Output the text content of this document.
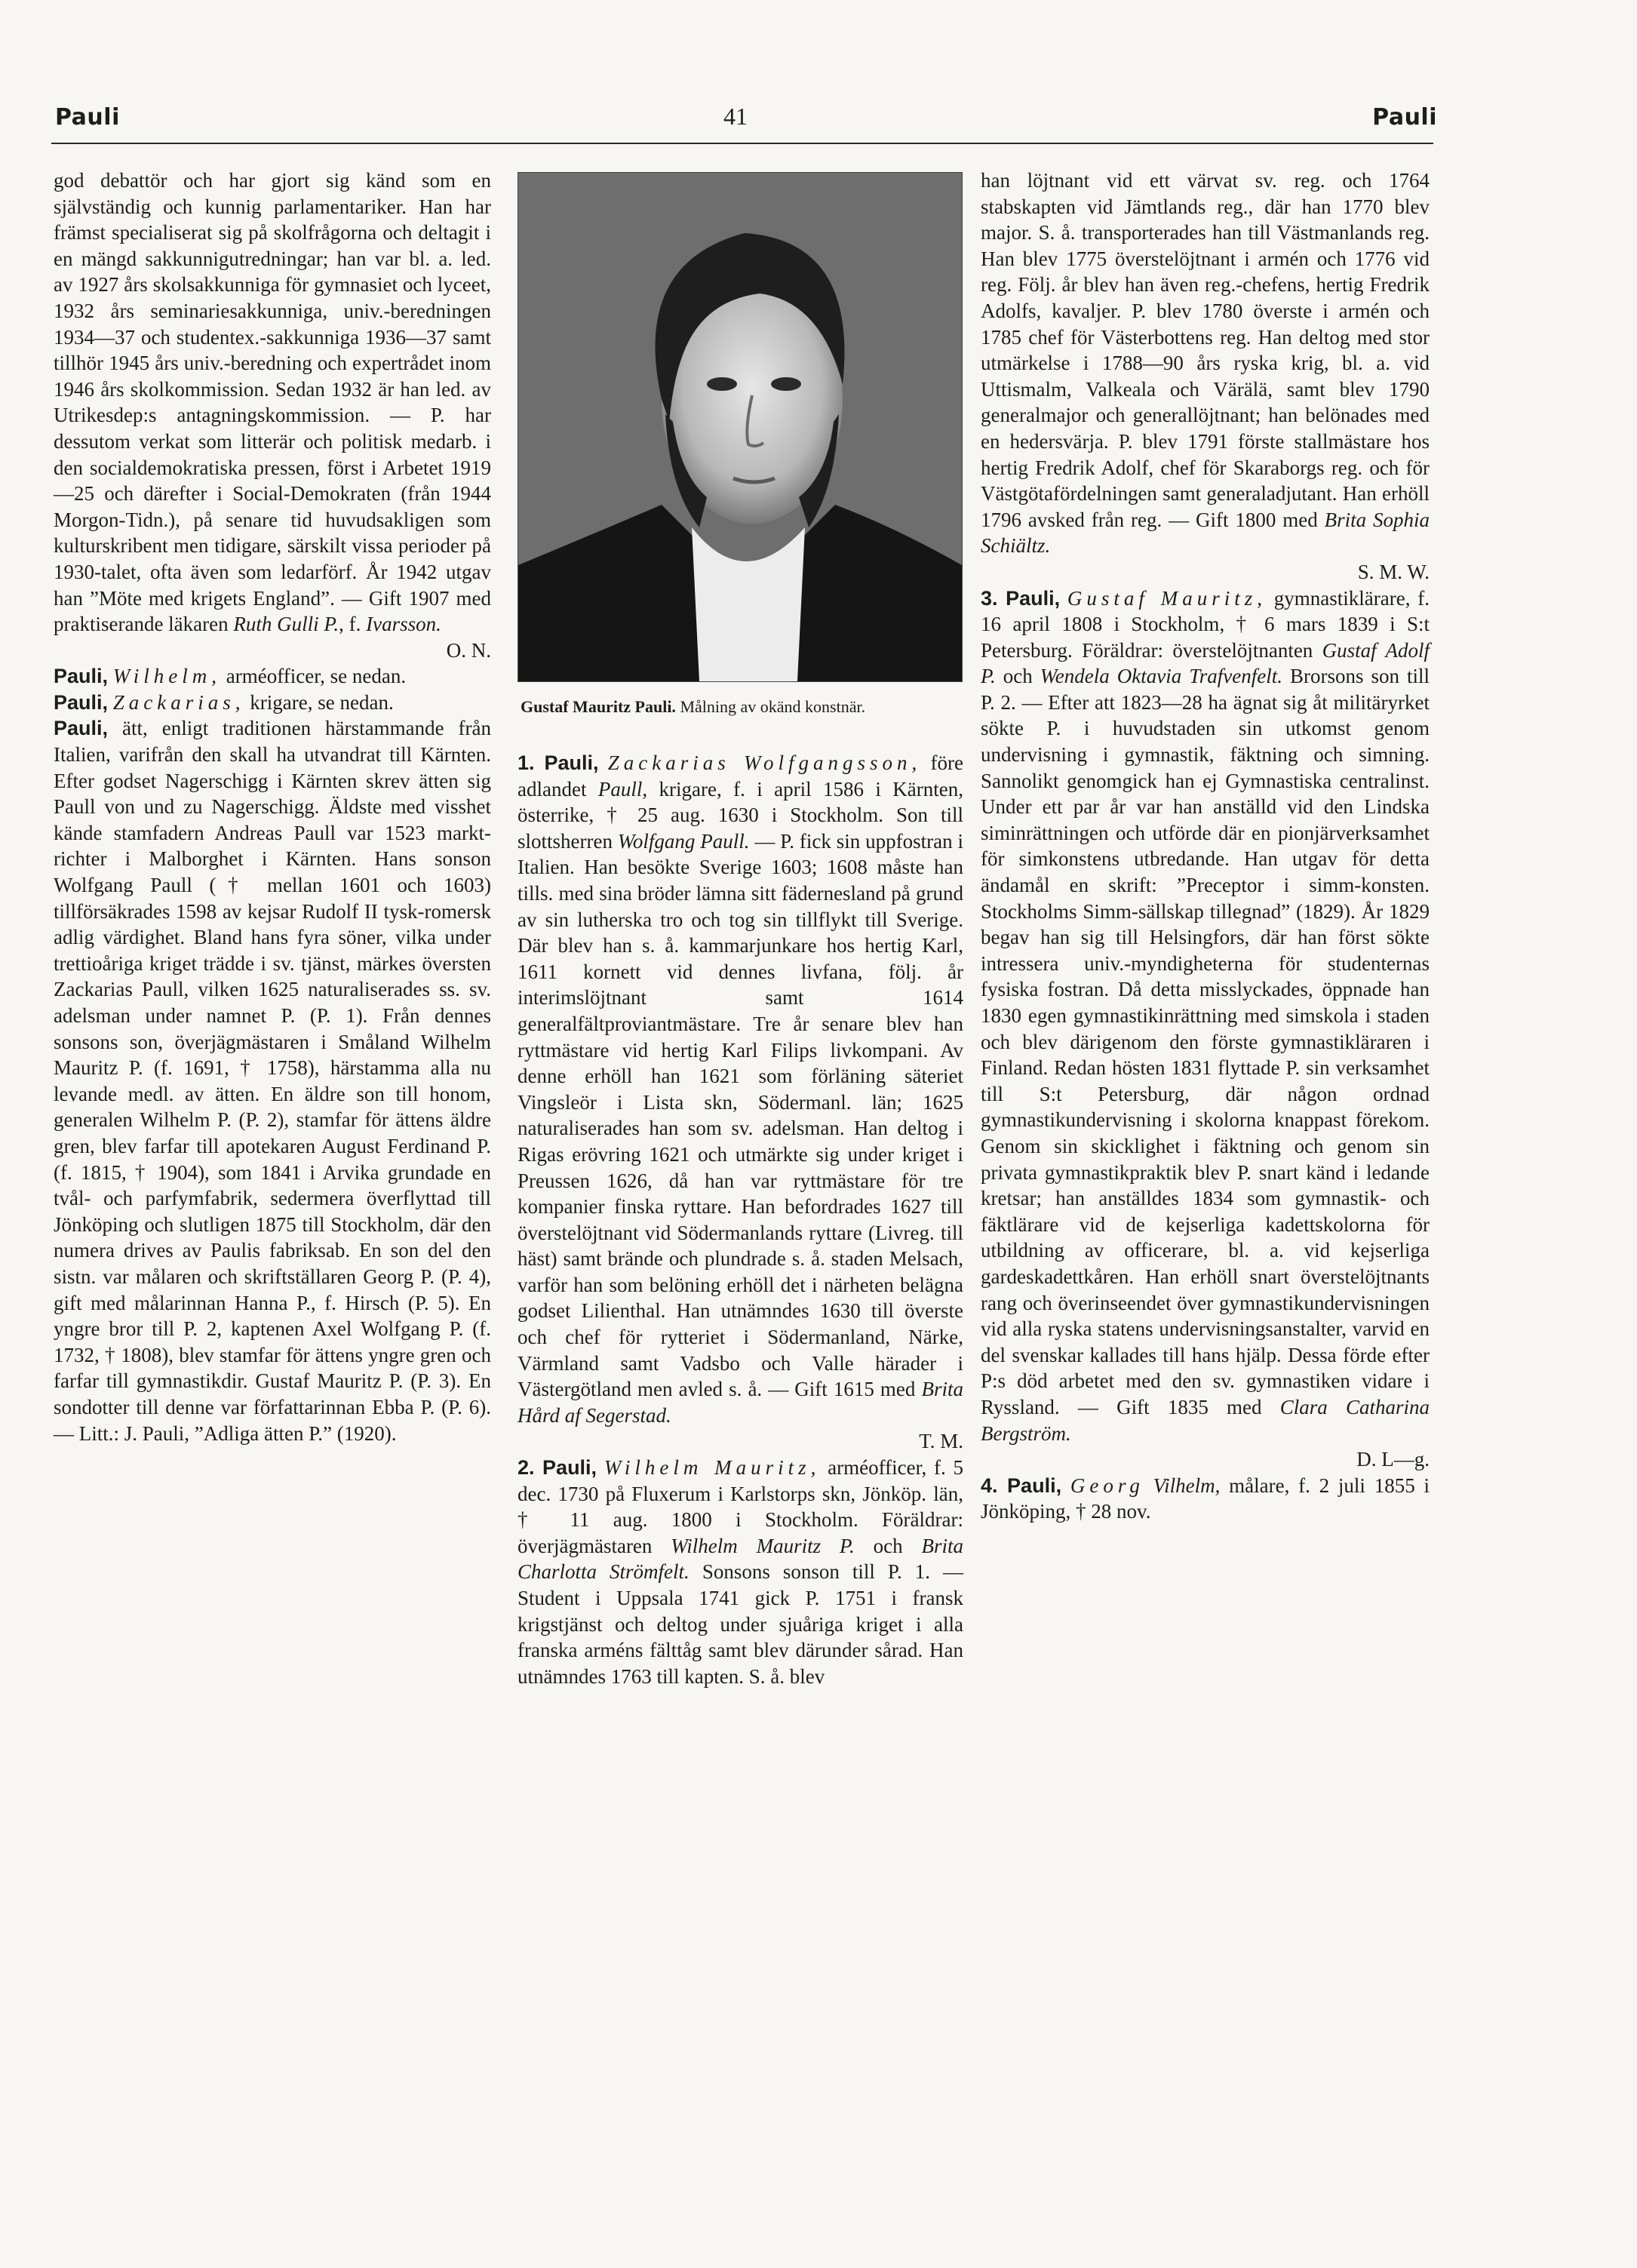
Pauli	41	Pauli

god debattör och har gjort sig känd som en självständig och kunnig parlamentariker. Han har främst specialiserat sig på skolfrågorna och deltagit i en mängd sakkunnigutredningar; han var bl. a. led. av 1927 års skolsakkunniga för gymnasiet och lyceet, 1932 års seminariesakkunniga, univ.-beredningen 1934—37 och studentex.-sakkunniga 1936—37 samt tillhör 1945 års univ.-beredning och expertrådet inom 1946 års skolkommission. Sedan 1932 är han led. av Utrikesdep:s antagningskommission. — P. har dessutom verkat som litterär och politisk medarb. i den socialdemokratiska pressen, först i Arbetet 1919—25 och därefter i Social-Demokraten (från 1944 Morgon-Tidn.), på senare tid huvudsakligen som kulturskribent men tidigare, särskilt vissa perioder på 1930-talet, ofta även som ledarförf. År 1942 utgav han ”Möte med krigets England”. — Gift 1907 med praktiserande läkaren Ruth Gulli P., f. Ivarsson.

O. N.

Pauli, Wilhelm, arméofficer, se nedan.

Pauli, Zackarias, krigare, se nedan.

Pauli, ätt, enligt traditionen härstammande från Italien, varifrån den skall ha utvandrat till Kärnten. Efter godset Nagerschigg i Kärnten skrev ätten sig Paull von und zu Nagerschigg. Äldste med visshet kände stamfadern Andreas Paull var 1523 markt-richter i Malborghet i Kärnten. Hans sonson Wolfgang Paull († mellan 1601 och 1603) tillförsäkrades 1598 av kejsar Rudolf II tysk-romersk adlig värdighet. Bland hans fyra söner, vilka under trettioåriga kriget trädde i sv. tjänst, märkes översten Zackarias Paull, vilken 1625 naturaliserades ss. sv. adelsman under namnet P. (P. 1). Från dennes sonsons son, överjägmästaren i Småland Wilhelm Mauritz P. (f. 1691, † 1758), härstamma alla nu levande medl. av ätten. En äldre son till honom, generalen Wilhelm P. (P. 2), stamfar för ättens äldre gren, blev farfar till apotekaren August Ferdinand P. (f. 1815, † 1904), som 1841 i Arvika grundade en tvål- och parfymfabrik, sedermera överflyttad till Jönköping och slutligen 1875 till Stockholm, där den numera drives av Paulis fabriksab. En son del den sistn. var målaren och skriftställaren Georg P. (P. 4), gift med målarinnan Hanna P., f. Hirsch (P. 5). En yngre bror till P. 2, kaptenen Axel Wolfgang P. (f. 1732, † 1808), blev stamfar för ättens yngre gren och farfar till gymnastikdir. Gustaf Mauritz P. (P. 3). En sondotter till denne var författarinnan Ebba P. (P. 6). — Litt.: J. Pauli, ”Adliga ätten P.” (1920).

Gustaf Mauritz Pauli. Målning av okänd konstnär.

1. Pauli, Zackarias Wolfgangsson, före adlandet Paull, krigare, f. i april 1586 i Kärnten, österrike, † 25 aug. 1630 i Stockholm. Son till slottsherren Wolfgang Paull. — P. fick sin uppfostran i Italien. Han besökte Sverige 1603; 1608 måste han tills. med sina bröder lämna sitt fädernesland på grund av sin lutherska tro och tog sin tillflykt till Sverige. Där blev han s. å. kammarjunkare hos hertig Karl, 1611 kornett vid dennes livfana, följ. år interimslöjtnant samt 1614 generalfältproviantmästare. Tre år senare blev han ryttmästare vid hertig Karl Filips livkompani. Av denne erhöll han 1621 som förläning säteriet Vingsleör i Lista skn, Södermanl. län; 1625 naturaliserades han som sv. adelsman. Han deltog i Rigas erövring 1621 och utmärkte sig under kriget i Preussen 1626, då han var ryttmästare för tre kompanier finska ryttare. Han befordrades 1627 till överstelöjtnant vid Södermanlands ryttare (Livreg. till häst) samt brände och plundrade s. å. staden Melsach, varför han som belöning erhöll det i närheten belägna godset Lilienthal. Han utnämndes 1630 till överste och chef för rytteriet i Södermanland, Närke, Värmland samt Vadsbo och Valle härader i Västergötland men avled s. å. — Gift 1615 med Brita Hård af Segerstad.

T. M.

2. Pauli, Wilhelm Mauritz, arméofficer, f. 5 dec. 1730 på Fluxerum i Karlstorps skn, Jönköp. län, † 11 aug. 1800 i Stockholm. Föräldrar: överjägmästaren Wilhelm Mauritz P. och Brita Charlotta Strömfelt. Sonsons sonson till P. 1. — Student i Uppsala 1741 gick P. 1751 i fransk krigstjänst och deltog under sjuåriga kriget i alla franska arméns fälttåg samt blev därunder sårad. Han utnämndes 1763 till kapten. S. å. blev

han löjtnant vid ett värvat sv. reg. och 1764 stabskapten vid Jämtlands reg., där han 1770 blev major. S. å. transporterades han till Västmanlands reg. Han blev 1775 överstelöjtnant i armén och 1776 vid reg. Följ. år blev han även reg.-chefens, hertig Fredrik Adolfs, kavaljer. P. blev 1780 överste i armén och 1785 chef för Västerbottens reg. Han deltog med stor utmärkelse i 1788—90 års ryska krig, bl. a. vid Uttismalm, Valkeala och Värälä, samt blev 1790 generalmajor och generallöjtnant; han belönades med en hedersvärja. P. blev 1791 förste stallmästare hos hertig Fredrik Adolf, chef för Skaraborgs reg. och för Västgötafördelningen samt generaladjutant. Han erhöll 1796 avsked från reg. — Gift 1800 med Brita Sophia Schiältz.

S. M. W.

3. Pauli, Gustaf Mauritz, gymnastiklärare, f. 16 april 1808 i Stockholm, † 6 mars 1839 i S:t Petersburg. Föräldrar: överstelöjtnanten Gustaf Adolf P. och Wendela Oktavia Trafvenfelt. Brorsons son till P. 2. — Efter att 1823—28 ha ägnat sig åt militäryrket sökte P. i huvudstaden sin utkomst genom undervisning i gymnastik, fäktning och simning. Sannolikt genomgick han ej Gymnastiska centralinst. Under ett par år var han anställd vid den Lindska siminrättningen och utförde där en pionjärverksamhet för simkonstens utbredande. Han utgav för detta ändamål en skrift: ”Preceptor i simm-konsten. Stockholms Simm-sällskap tillegnad” (1829). År 1829 begav han sig till Helsingfors, där han först sökte intressera univ.-myndigheterna för studenternas fysiska fostran. Då detta misslyckades, öppnade han 1830 egen gymnastikinrättning med simskola i staden och blev därigenom den förste gymnastikläraren i Finland. Redan hösten 1831 flyttade P. sin verksamhet till S:t Petersburg, där någon ordnad gymnastikundervisning i skolorna knappast förekom. Genom sin skicklighet i fäktning och genom sin privata gymnastikpraktik blev P. snart känd i ledande kretsar; han anställdes 1834 som gymnastik- och fäktlärare vid de kejserliga kadettskolorna för utbildning av officerare, bl. a. vid kejserliga gardeskadettkåren. Han erhöll snart överstelöjtnants rang och överinseendet över gymnastikundervisningen vid alla ryska statens undervisningsanstalter, varvid en del svenskar kallades till hans hjälp. Dessa förde efter P:s död arbetet med den sv. gymnastiken vidare i Ryssland. — Gift 1835 med Clara Catharina Bergström.

D. L—g.

4. Pauli, Georg Vilhelm, målare, f. 2 juli 1855 i Jönköping, † 28 nov.
